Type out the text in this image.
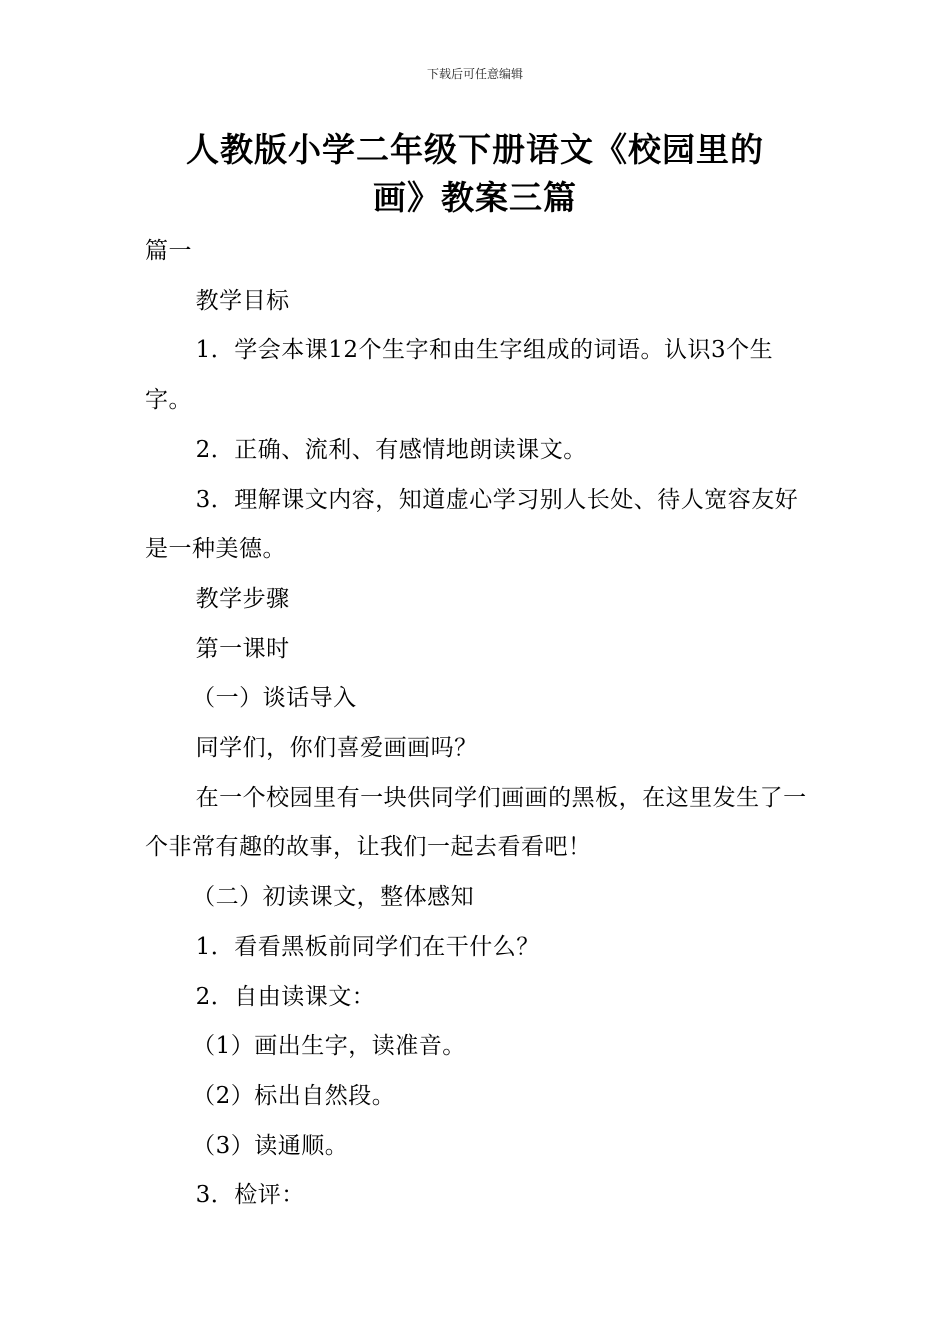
下载后可任意编辑
人教版小学二年级下册语文《校园里的
画》教案三篇

篇一

教学目标

1．学会本课12个生字和由生字组成的词语。认识3个生字。

2．正确、流利、有感情地朗读课文。

3．理解课文内容，知道虚心学习别人长处、待人宽容友好是一种美德。

教学步骤

第一课时

（一）谈话导入

同学们，你们喜爱画画吗？

在一个校园里有一块供同学们画画的黑板，在这里发生了一个非常有趣的故事，让我们一起去看看吧！

（二）初读课文，整体感知

1．看看黑板前同学们在干什么？

2．自由读课文：

（1）画出生字，读准音。

（2）标出自然段。

（3）读通顺。

3．检评：
